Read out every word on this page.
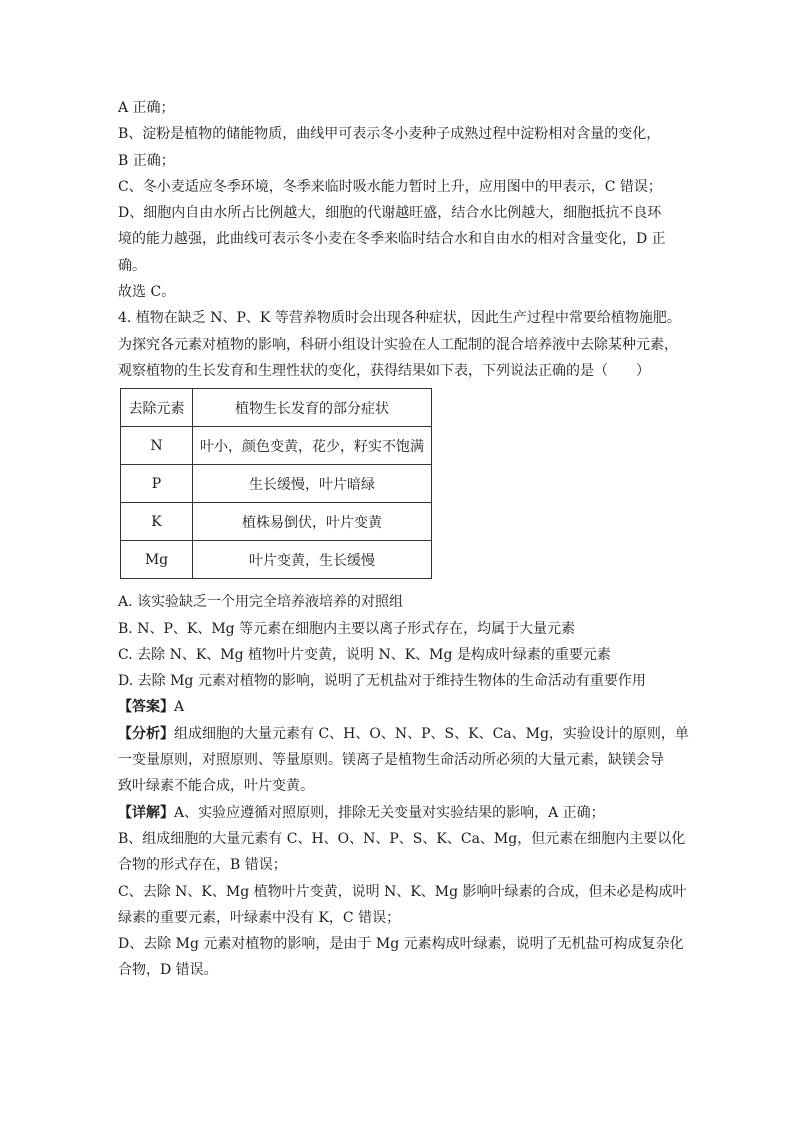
A 正确；
B、淀粉是植物的储能物质，曲线甲可表示冬小麦种子成熟过程中淀粉相对含量的变化，
B 正确；
C、冬小麦适应冬季环境，冬季来临时吸水能力暂时上升，应用图中的甲表示，C 错误；
D、细胞内自由水所占比例越大，细胞的代谢越旺盛，结合水比例越大，细胞抵抗不良环
境的能力越强，此曲线可表示冬小麦在冬季来临时结合水和自由水的相对含量变化，D 正
确。
故选 C。
4. 植物在缺乏 N、P、K 等营养物质时会出现各种症状，因此生产过程中常要给植物施肥。
为探究各元素对植物的影响，科研小组设计实验在人工配制的混合培养液中去除某种元素，
观察植物的生长发育和生理性状的变化，获得结果如下表，下列说法正确的是（　　）
去除元素	植物生长发育的部分症状
N	叶小，颜色变黄，花少，籽实不饱满
P	生长缓慢，叶片暗绿
K	植株易倒伏，叶片变黄
Mg	叶片变黄，生长缓慢
A. 该实验缺乏一个用完全培养液培养的对照组
B. N、P、K、Mg 等元素在细胞内主要以离子形式存在，均属于大量元素
C. 去除 N、K、Mg 植物叶片变黄，说明 N、K、Mg 是构成叶绿素的重要元素
D. 去除 Mg 元素对植物的影响，说明了无机盐对于维持生物体的生命活动有重要作用
【答案】A
【分析】组成细胞的大量元素有 C、H、O、N、P、S、K、Ca、Mg，实验设计的原则，单
一变量原则，对照原则、等量原则。镁离子是植物生命活动所必须的大量元素，缺镁会导
致叶绿素不能合成，叶片变黄。
【详解】A、实验应遵循对照原则，排除无关变量对实验结果的影响，A 正确；
B、组成细胞的大量元素有 C、H、O、N、P、S、K、Ca、Mg，但元素在细胞内主要以化
合物的形式存在，B 错误；
C、去除 N、K、Mg 植物叶片变黄，说明 N、K、Mg 影响叶绿素的合成，但未必是构成叶
绿素的重要元素，叶绿素中没有 K，C 错误；
D、去除 Mg 元素对植物的影响，是由于 Mg 元素构成叶绿素，说明了无机盐可构成复杂化
合物，D 错误。
